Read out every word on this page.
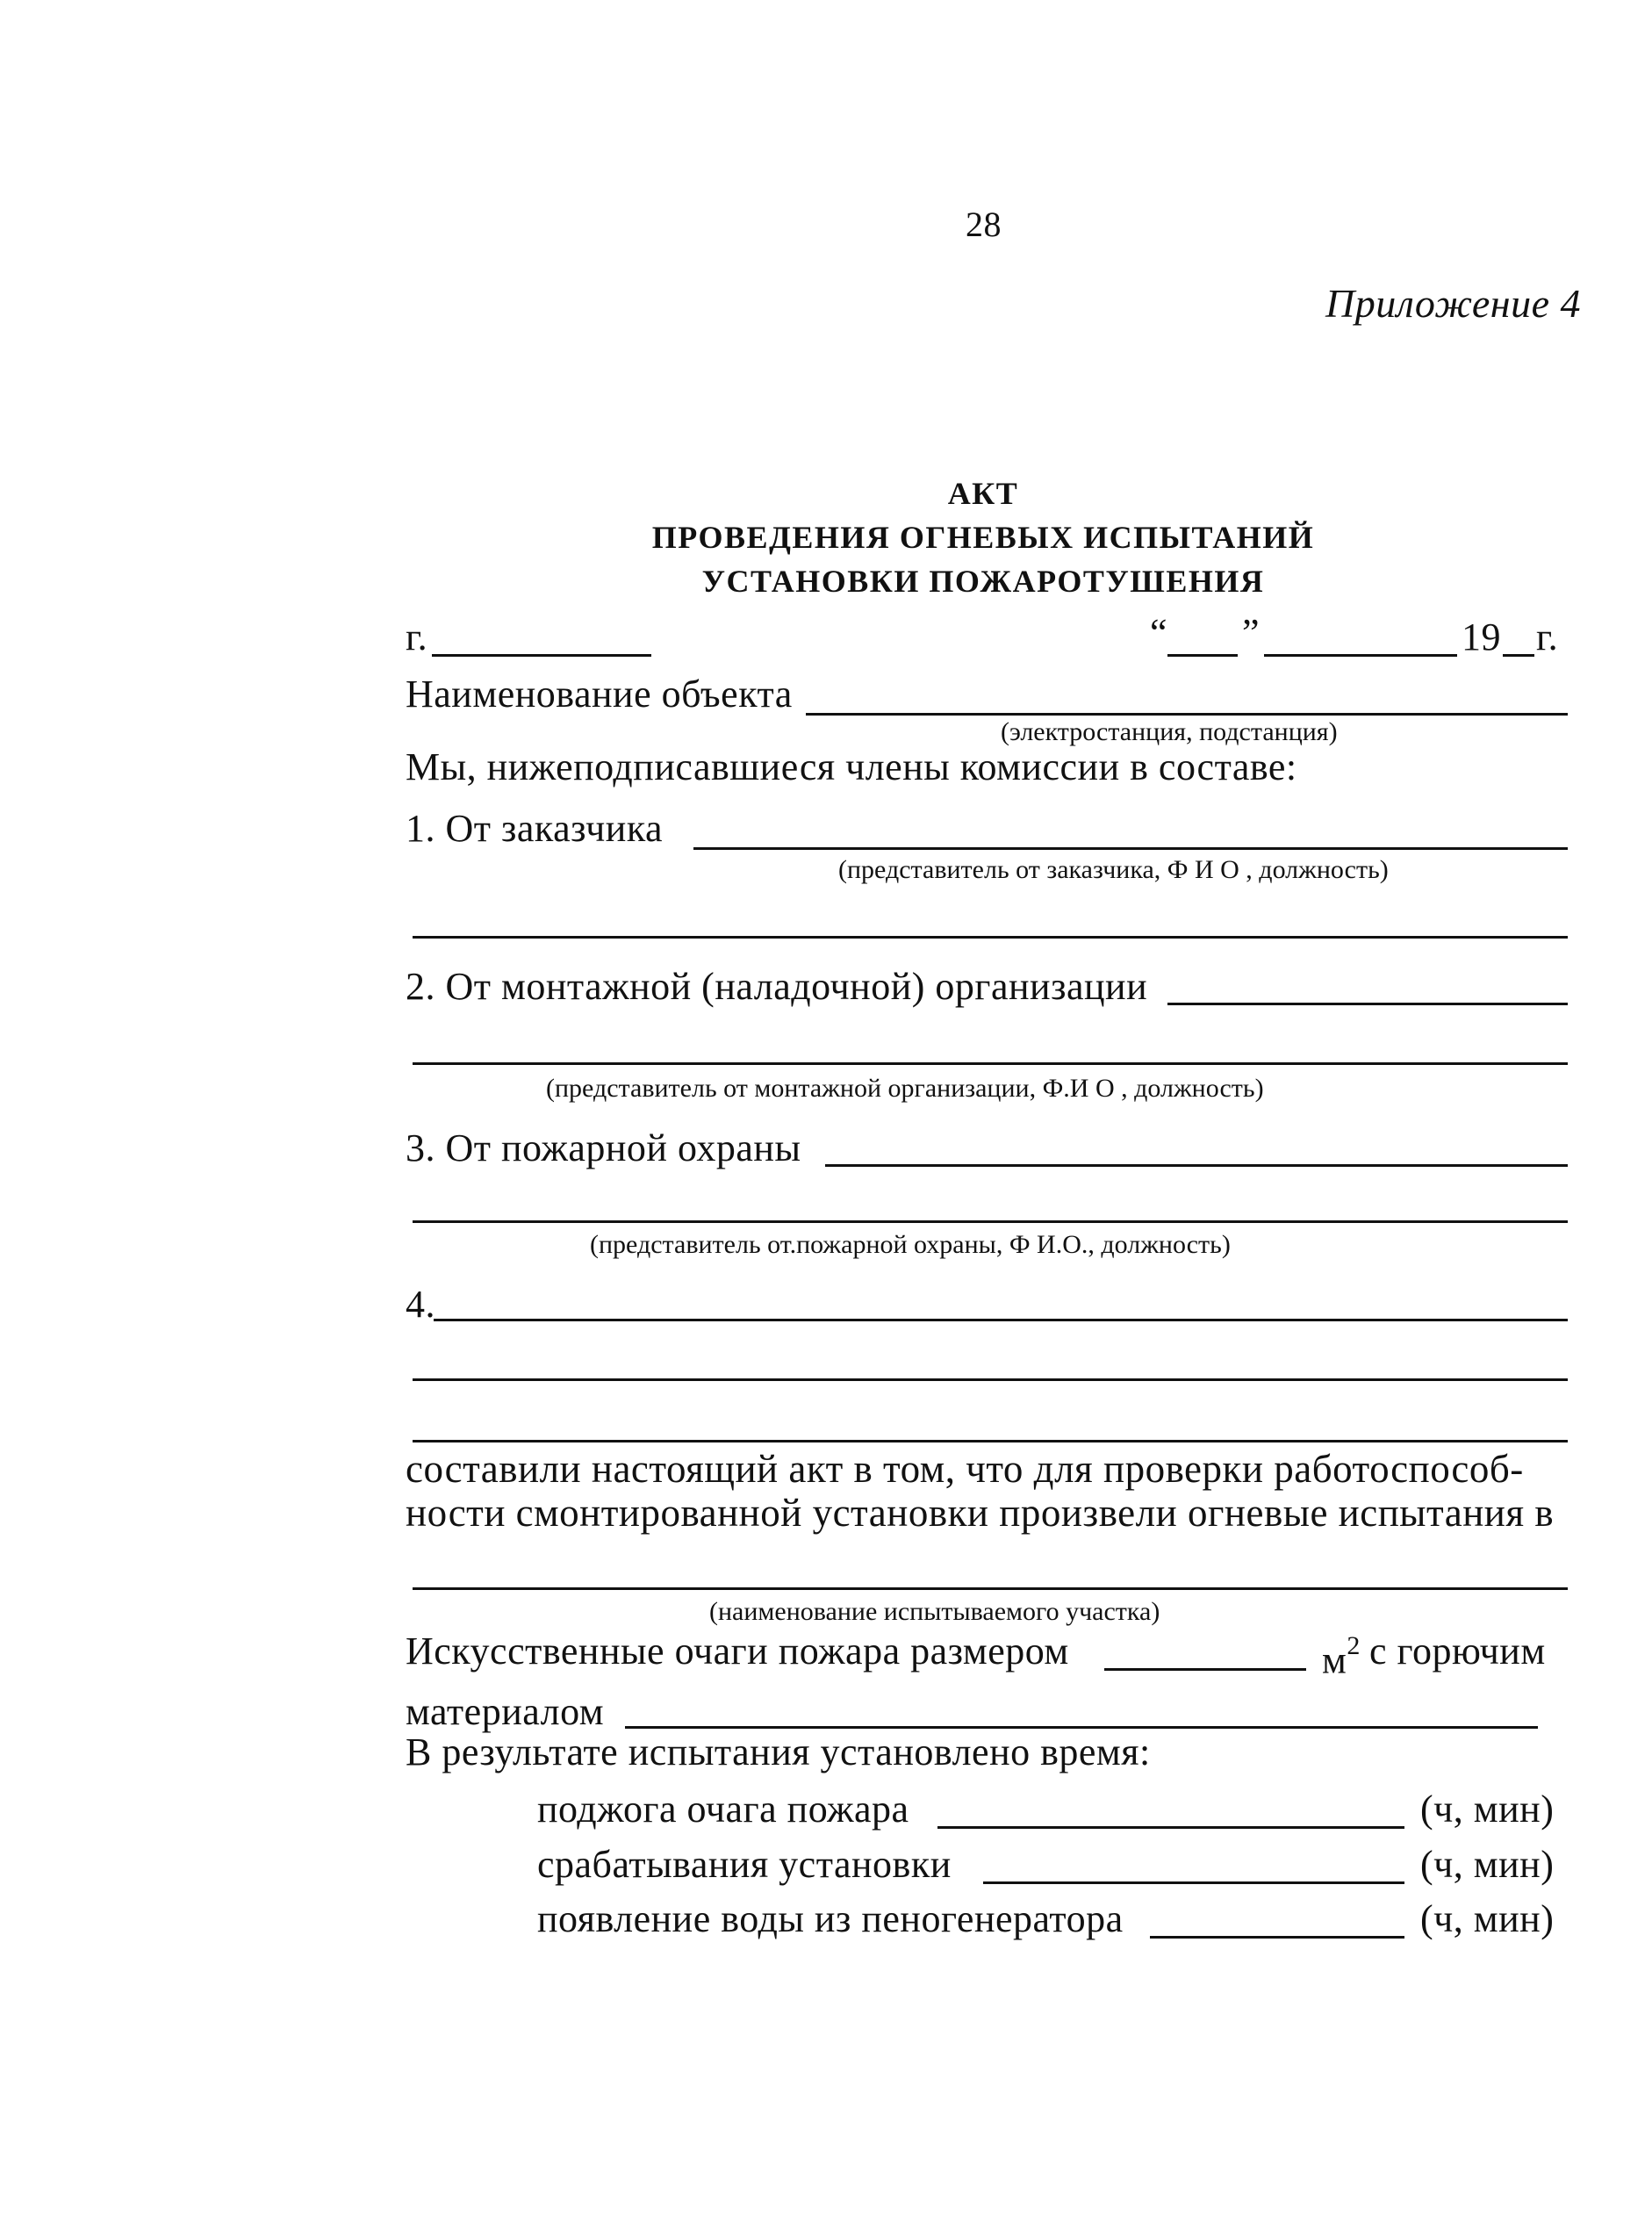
28
Приложение 4
АКТ
ПРОВЕДЕНИЯ ОГНЕВЫХ ИСПЫТАНИЙ
УСТАНОВКИ ПОЖАРОТУШЕНИЯ
г.	“ ”	19 г.
Наименование объекта
(электростанция, подстанция)
Мы, нижеподписавшиеся члены комиссии в составе:
1. От заказчика
(представитель от заказчика, Ф И О , должность)
2. От монтажной (наладочной) организации
(представитель от монтажной организации, Ф.И О , должность)
3. От пожарной охраны
(представитель от.пожарной охраны, Ф И.О., должность)
4.
составили настоящий акт в том, что для проверки работоспособ-
ности смонтированной установки произвели огневые испытания в
(наименование испытываемого участка)
Искусственные очаги пожара размером	$м^2$ с горючим
материалом
В результате испытания установлено время:
поджога очага пожара	(ч, мин)
срабатывания установки	(ч, мин)
появление воды из пеногенератора	(ч, мин)
